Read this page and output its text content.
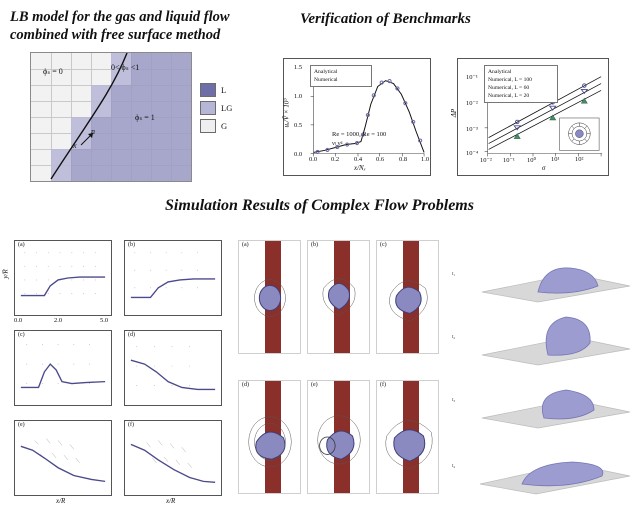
LB model for the gas and liquid flow combined with free surface method
Verification of Benchmarks
Simulation Results of Complex Flow Problems
ϕₛ = 0	0< ϕₛ <1
ϕₛ = 1
n
x
L
LG
G
Analytical
Numerical
0.0 0.2 0.4 0.6 0.8 1.0
0.0
0.5
1.0
1.5
x/Nₓ
uₓ/Ṽ × 10³
Re = 1000, Re = 100
νₗ νᵍ
Analytical
Numerical, L = 100
Numerical, L = 60
Numerical, L = 20
10⁻² 10⁻¹ 10⁰ 10¹ 10²
10⁻¹
10⁻²
10⁻³
10⁻⁴
σ
ΔP
(a)	(b)
(c)	(d)
(e)	(f)
0.0	2.0	5.0
x/R	x/R
y/R
(a)	(b)	(c)
(d)	(e)	(f)
t₁
t₂
t₃
t₄
